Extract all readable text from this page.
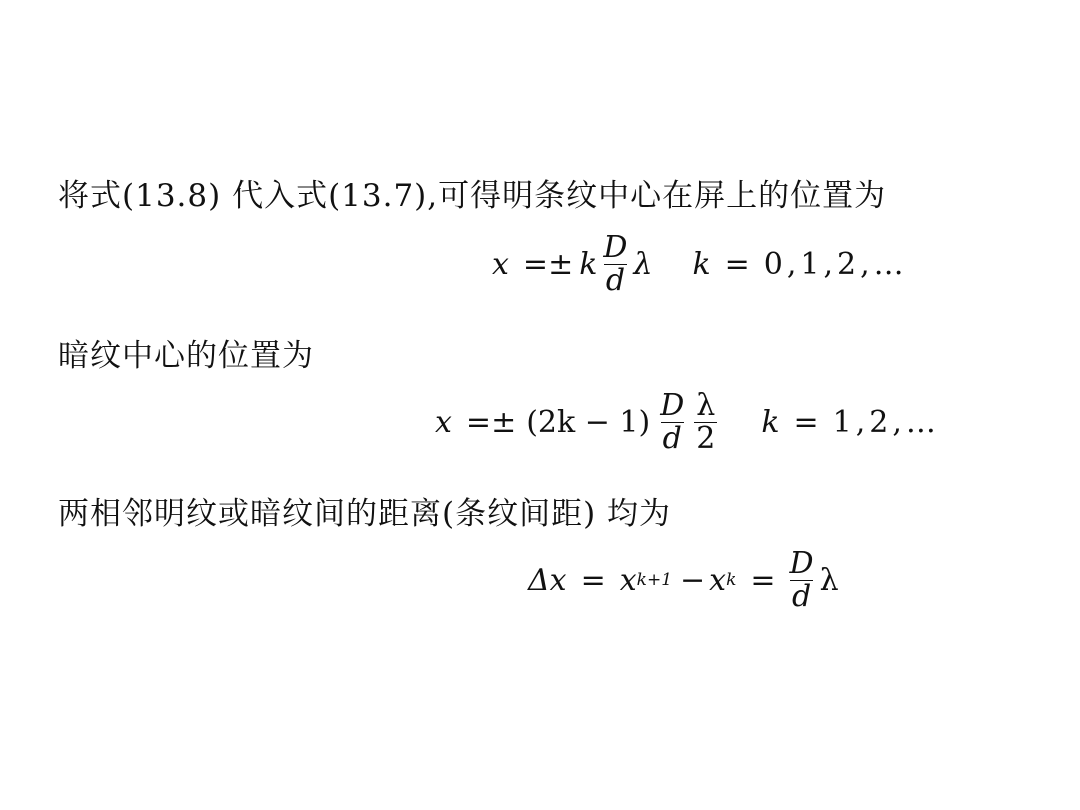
将式(13.8) 代入式(13.7),可得明条纹中心在屏上的位置为
x = ± k $\frac{D}{d}$ λ k = 0,1,2,…
暗纹中心的位置为
x = ± $(2k - 1) \frac{D}{d} \frac{\lambda}{2}$ k = 1,2,…
两相邻明纹或暗纹间的距离(条纹间距) 均为
Δx = x k+1 − x $k = \frac{D}{d}$ λ
